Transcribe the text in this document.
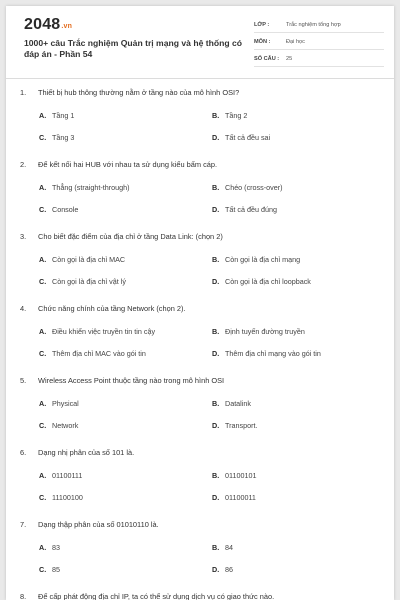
2048.vn
1000+ câu Trắc nghiệm Quản trị mạng và hệ thống có đáp án - Phần 54
LỚP :	Trắc nghiệm tổng hợp
MÔN :	Đại học
SỐ CÂU : 25
1. Thiết bị hub thông thường nằm ở tầng nào của mô hình OSI?
A. Tầng 1	B. Tầng 2
C. Tầng 3	D. Tất cả đều sai
2. Để kết nối hai HUB với nhau ta sử dụng kiểu bấm cáp.
A. Thẳng (straight-through)	B. Chéo (cross-over)
C. Console	D. Tất cả đều đúng
3. Cho biết đặc điểm của địa chỉ ở tầng Data Link: (chọn 2)
A. Còn gọi là địa chỉ MAC	B. Còn gọi là địa chỉ mạng
C. Còn gọi là địa chỉ vật lý	D. Còn gọi là địa chỉ loopback
4. Chức năng chính của tầng Network (chọn 2).
A. Điều khiển việc truyền tin tin cậy	B. Định tuyến đường truyền
C. Thêm địa chỉ MAC vào gói tin	D. Thêm địa chỉ mạng vào gói tin
5. Wireless Access Point thuộc tầng nào trong mô hình OSI
A. Physical	B. Datalink
C. Network	D. Transport.
6. Dạng nhị phân của số 101 là.
A. 01100111	B. 01100101
C. 11100100	D. 01100011
7. Dạng thập phân của số 01010110 là.
A. 83	B. 84
C. 85	D. 86
8. Để cấp phát động địa chỉ IP, ta có thể sử dụng dịch vụ có giao thức nào.
